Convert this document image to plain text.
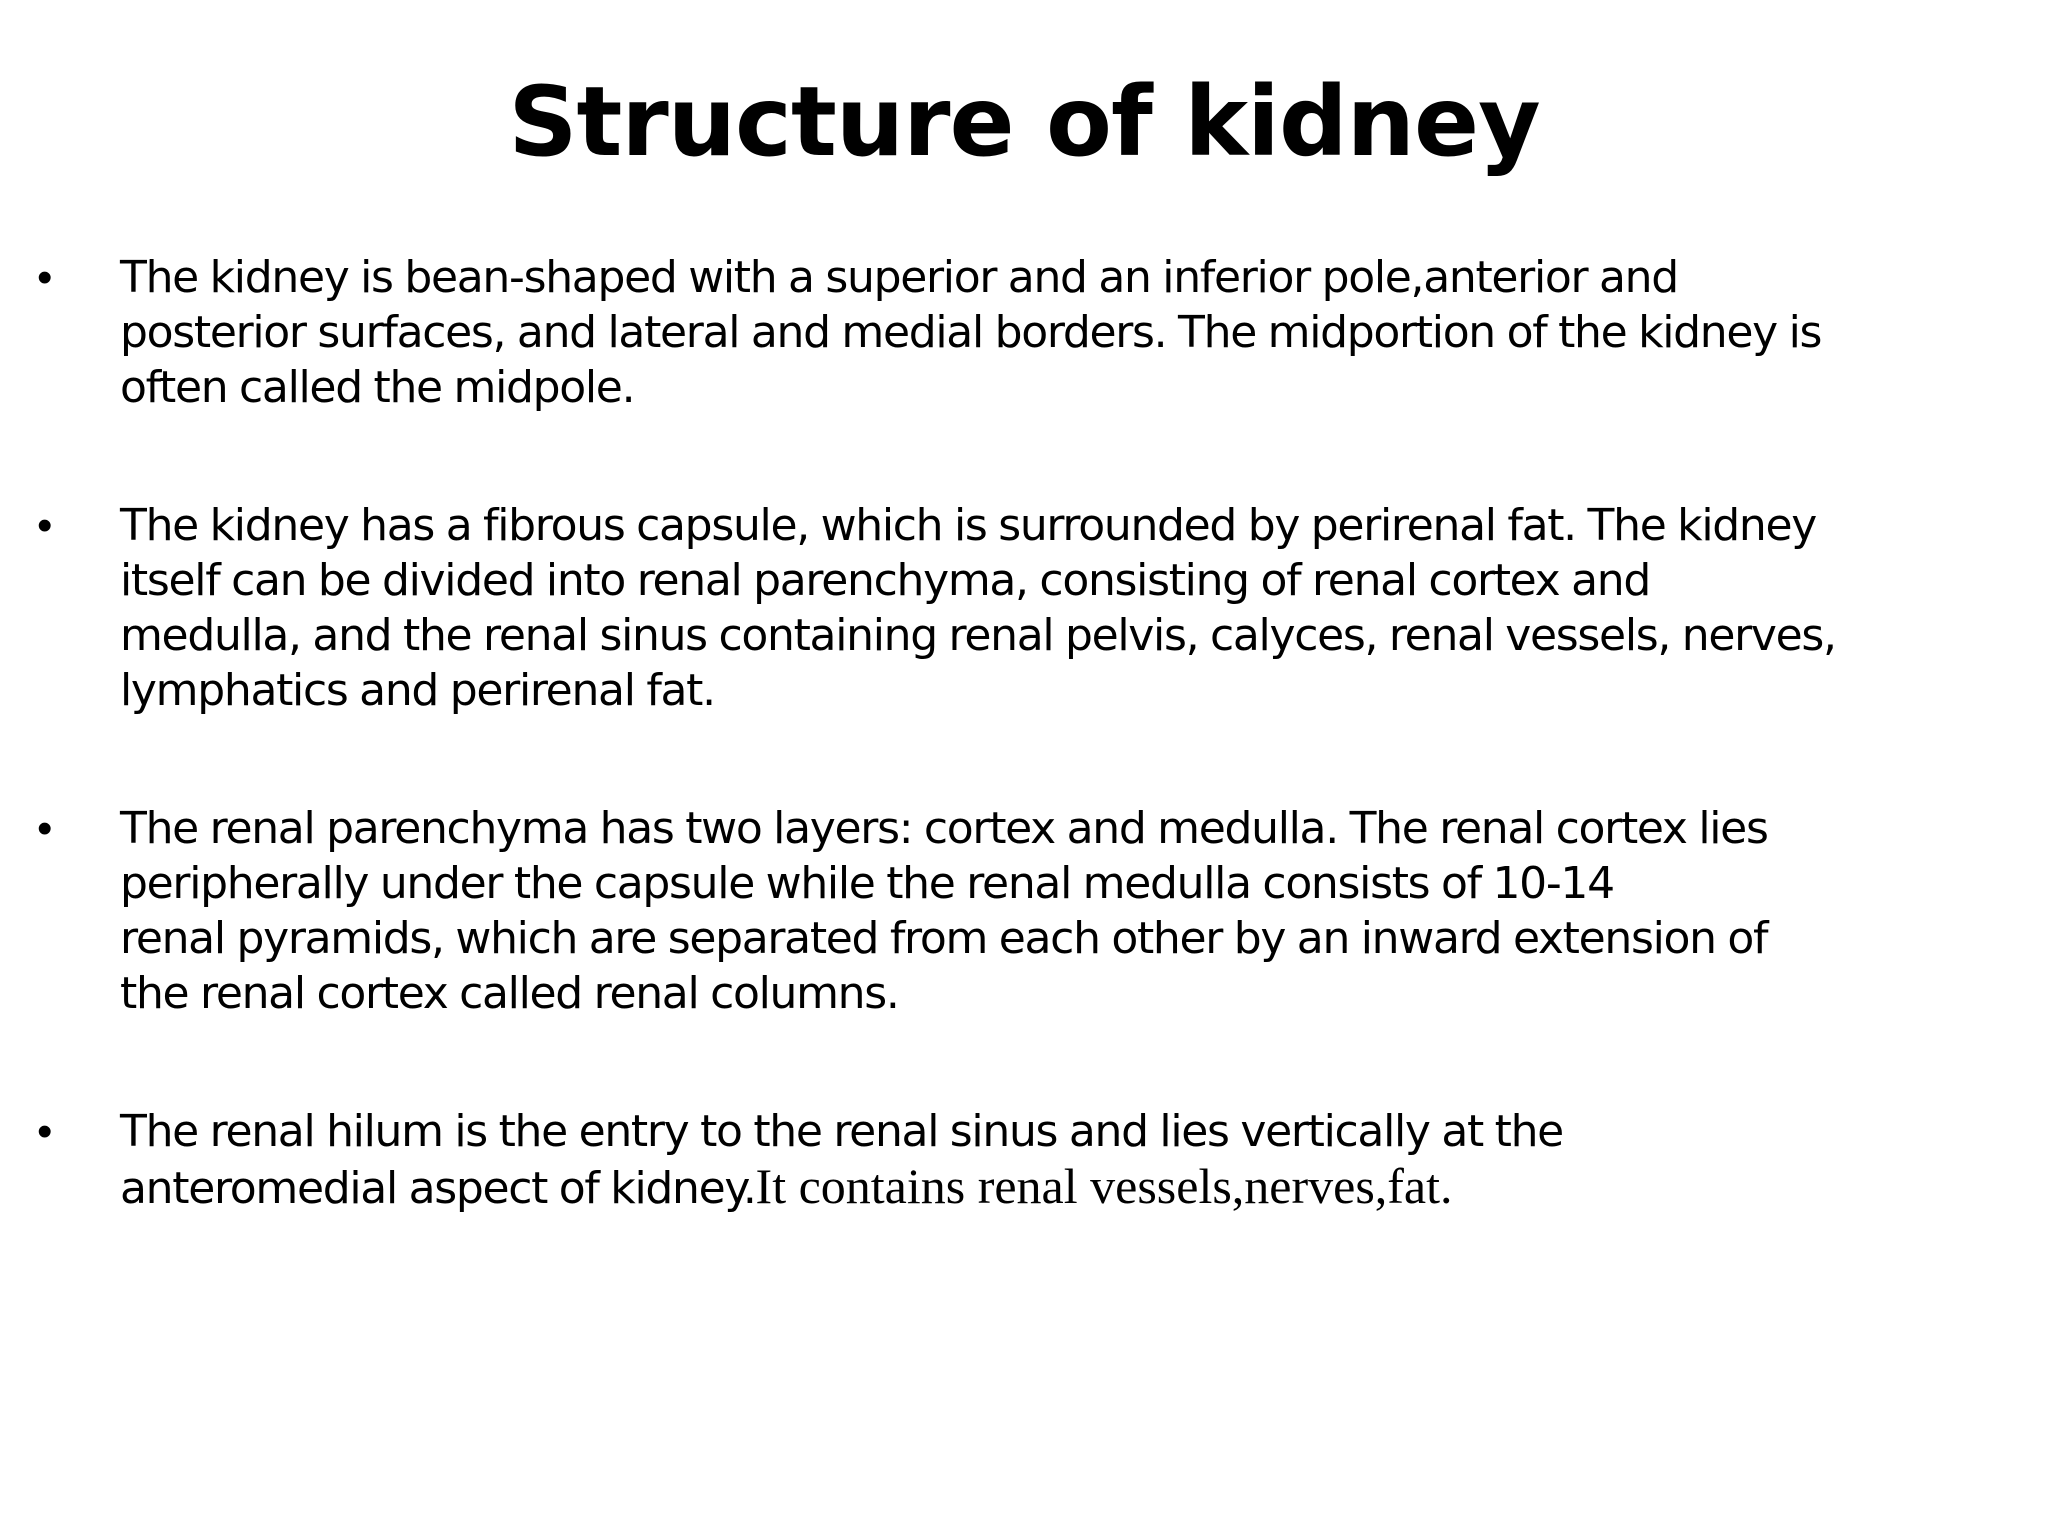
Structure of kidney
• The kidney is bean-shaped with a superior and an inferior pole,anterior and
posterior surfaces, and lateral and medial borders. The midportion of the kidney is
often called the midpole.
• The kidney has a fibrous capsule, which is surrounded by perirenal fat. The kidney
itself can be divided into renal parenchyma, consisting of renal cortex and
medulla, and the renal sinus containing renal pelvis, calyces, renal vessels, nerves,
lymphatics and perirenal fat.
• The renal parenchyma has two layers: cortex and medulla. The renal cortex lies
peripherally under the capsule while the renal medulla consists of 10-14
renal pyramids, which are separated from each other by an inward extension of
the renal cortex called renal columns.
• The renal hilum is the entry to the renal sinus and lies vertically at the
anteromedial aspect of kidney.It contains renal vessels,nerves,fat.
